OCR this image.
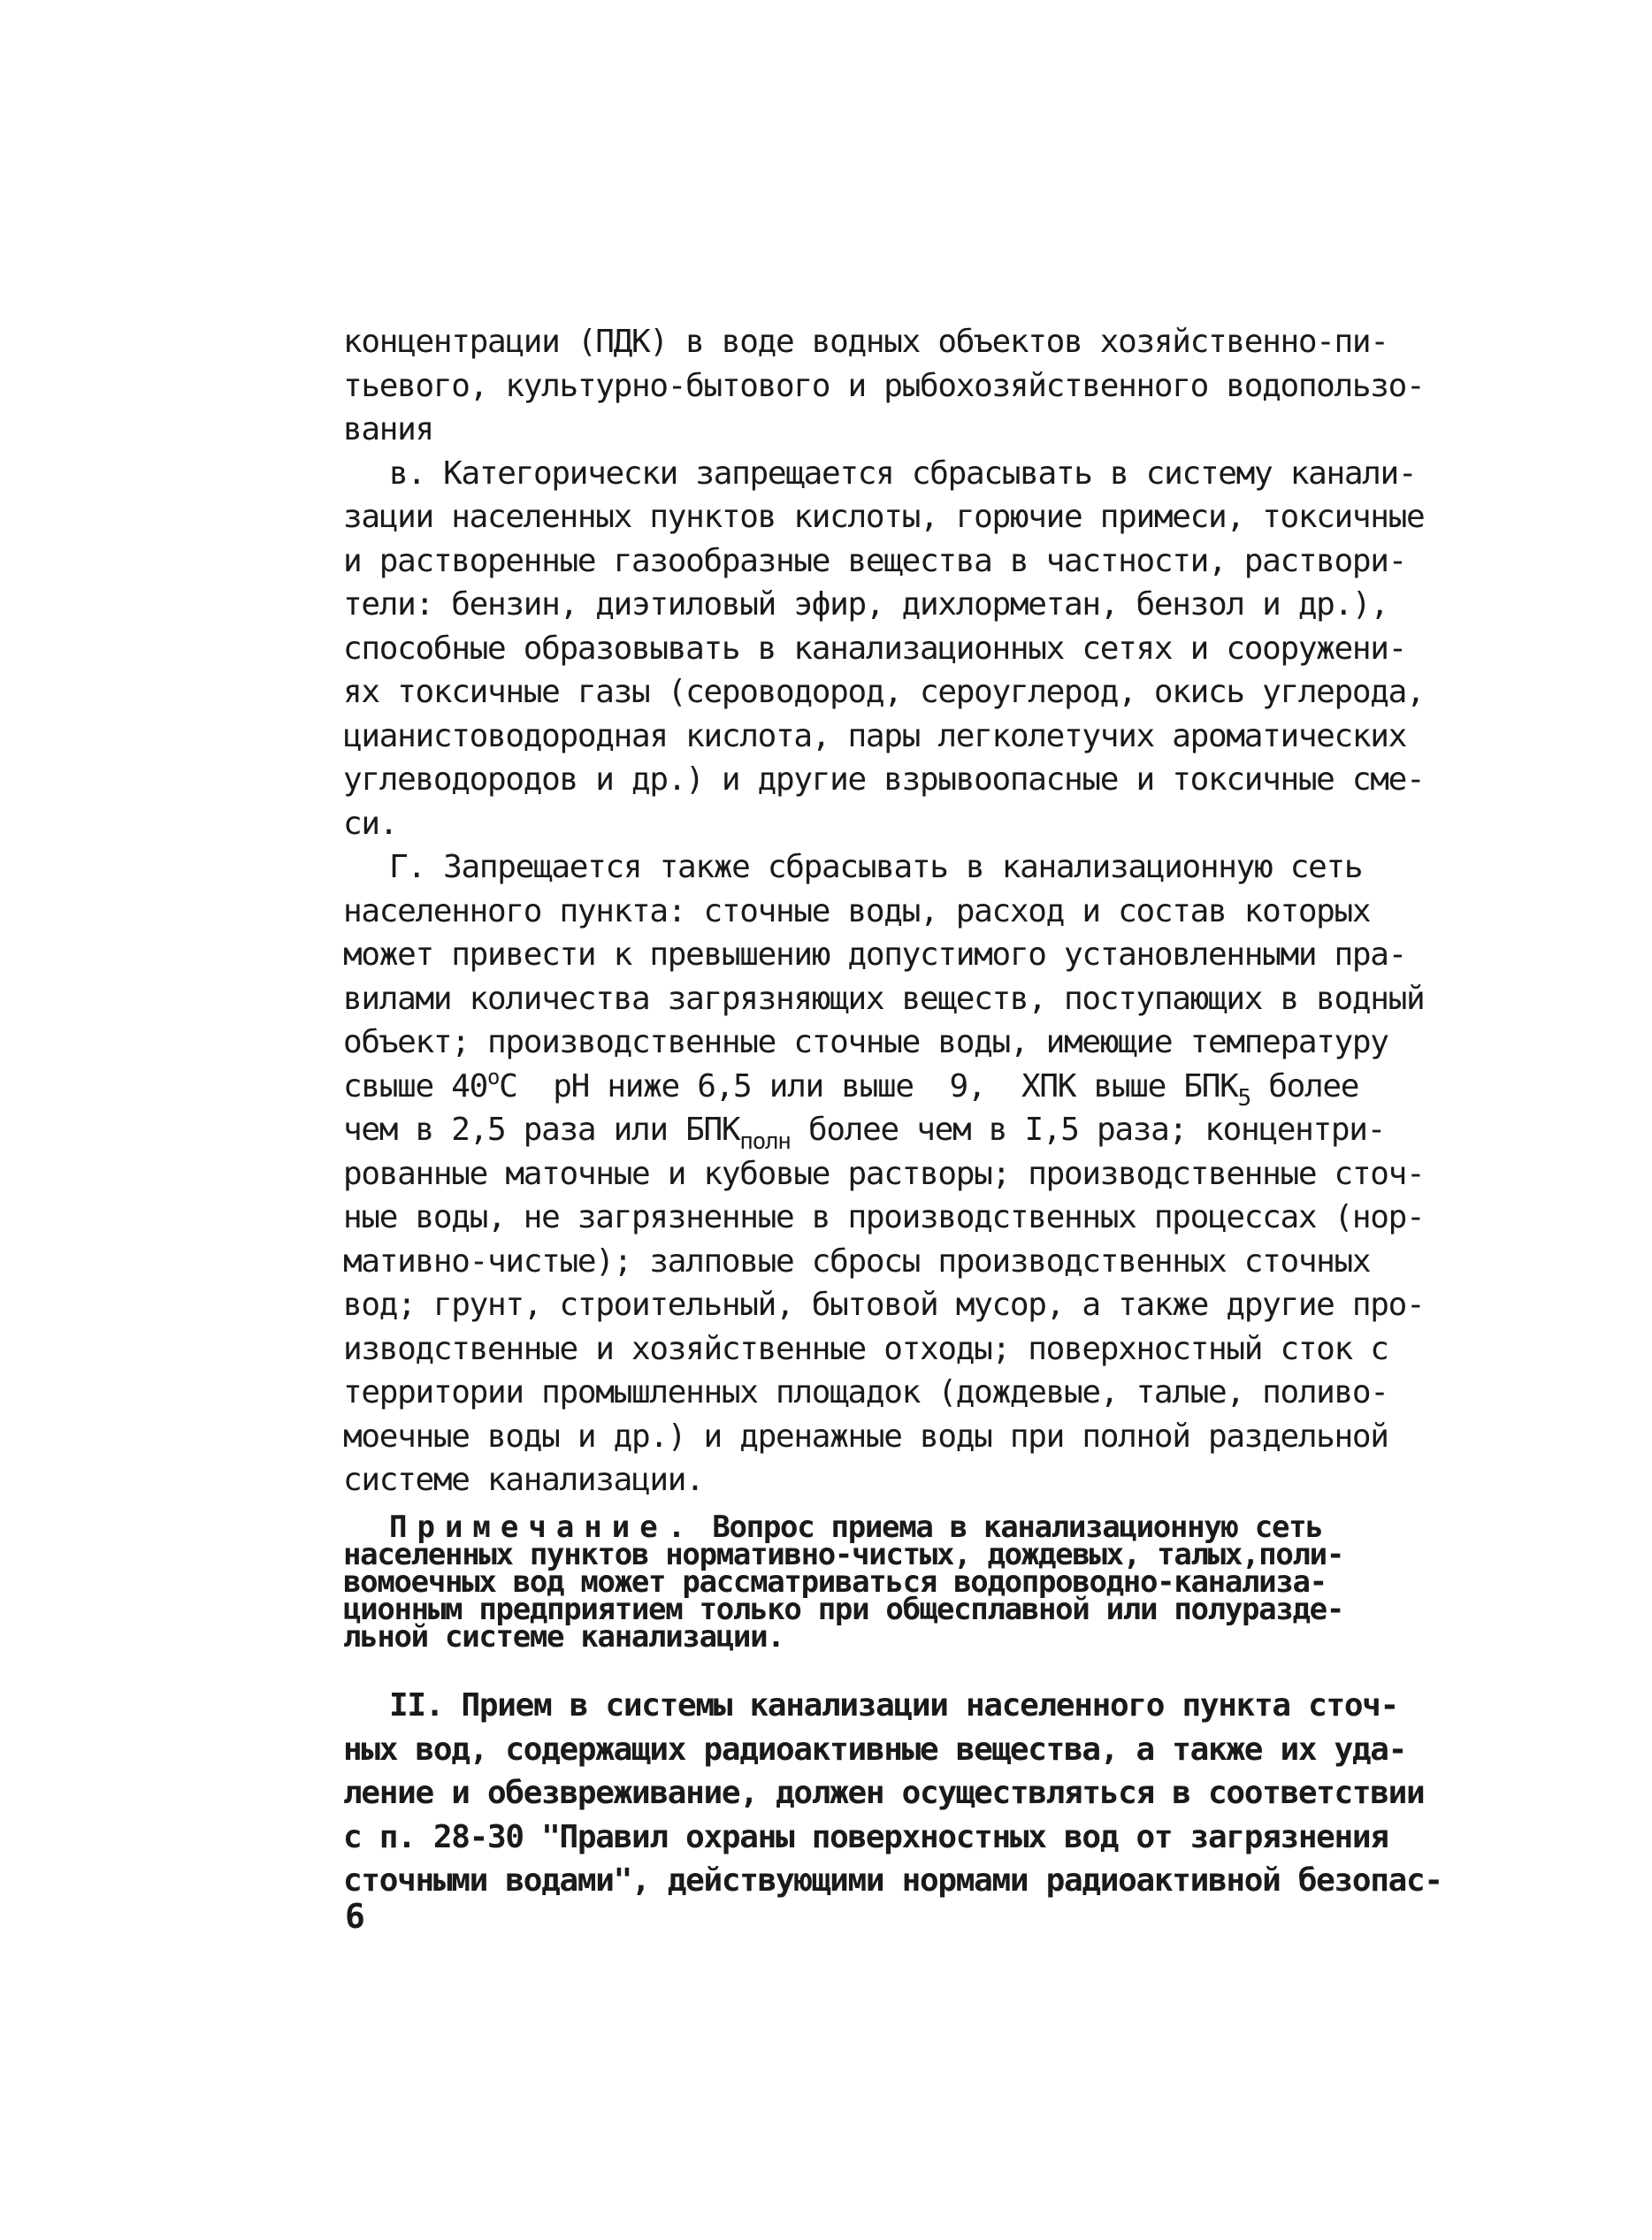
концентрации (ПДК) в воде водных объектов хозяйственно-пи-
тьевого, культурно-бытового и рыбохозяйственного водопользо-
вания
в. Категорически запрещается сбрасывать в систему канали-
зации населенных пунктов кислоты, горючие примеси, токсичные
и растворенные газообразные вещества в частности, раствори-
тели: бензин, диэтиловый эфир, дихлорметан, бензол и др.),
способные образовывать в канализационных сетях и сооружени-
ях токсичные газы (сероводород, сероуглерод, окись углерода,
цианистоводородная кислота, пары легколетучих ароматических
углеводородов и др.) и другие взрывоопасные и токсичные сме-
си.
Г. Запрещается также сбрасывать в канализационную сеть
населенного пункта: сточные воды, расход и состав которых
может привести к превышению допустимого установленными пра-
вилами количества загрязняющих веществ, поступающих в водный
объект; производственные сточные воды, имеющие температуру
свыше $40^оС$  рН ниже 6,5 или выше  9,  ХПК выше $БПК_5$ более
чем в 2,5 раза или $БПК_{полн}$ более чем в I,5 раза; концентри-
рованные маточные и кубовые растворы; производственные сточ-
ные воды, не загрязненные в производственных процессах (нор-
мативно-чистые); залповые сбросы производственных сточных
вод; грунт, строительный, бытовой мусор, а также другие про-
изводственные и хозяйственные отходы; поверхностный сток с
территории промышленных площадок (дождевые, талые, поливо-
моечные воды и др.) и дренажные воды при полной раздельной
системе канализации.
Примечание. Вопрос приема в канализационную сеть
населенных пунктов нормативно-чистых, дождевых, талых,поли-
вомоечных вод может рассматриваться водопроводно-канализа-
ционным предприятием только при общесплавной или полуразде-
льной системе канализации.
II. Прием в системы канализации населенного пункта сточ-
ных вод, содержащих радиоактивные вещества, а также их уда-
ление и обезвреживание, должен осуществляться в соответствии
с п. 28-30 "Правил охраны поверхностных вод от загрязнения
сточными водами", действующими нормами радиоактивной безопас-
6
